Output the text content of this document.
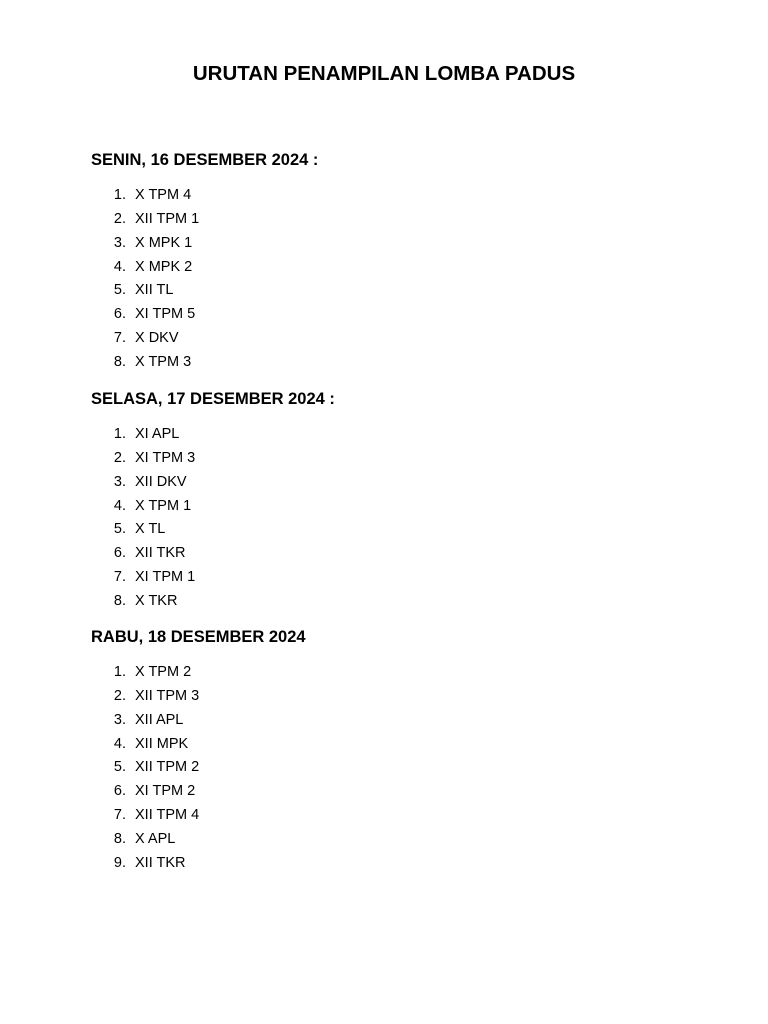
URUTAN PENAMPILAN LOMBA PADUS
SENIN, 16 DESEMBER 2024 :
1. X TPM 4
2. XII TPM 1
3. X MPK 1
4. X MPK 2
5. XII TL
6. XI TPM 5
7. X DKV
8. X TPM 3
SELASA, 17 DESEMBER 2024 :
1. XI APL
2. XI TPM 3
3. XII DKV
4. X TPM 1
5. X TL
6. XII TKR
7. XI TPM 1
8. X TKR
RABU, 18 DESEMBER 2024
1. X TPM 2
2. XII TPM 3
3. XII APL
4. XII MPK
5. XII TPM 2
6. XI TPM 2
7. XII TPM 4
8. X APL
9. XII TKR
